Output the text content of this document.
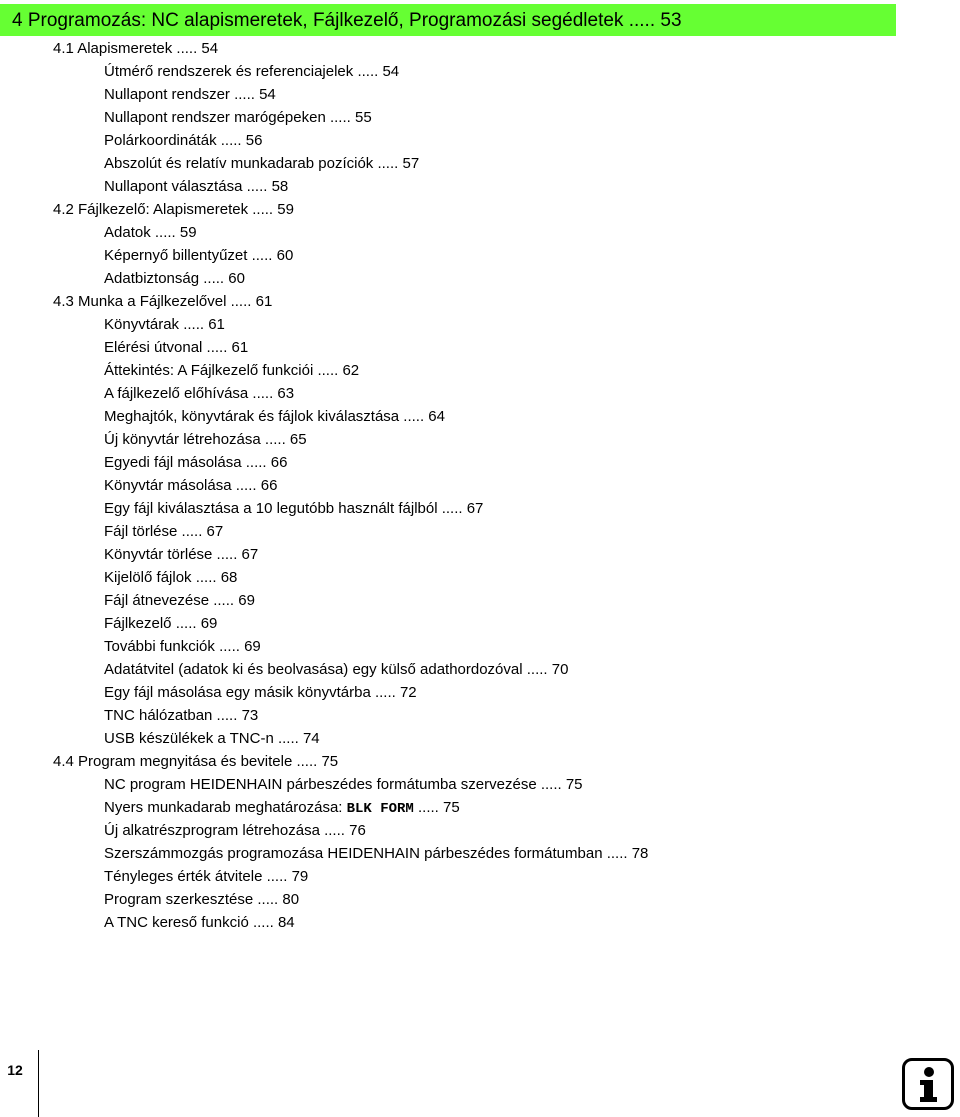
4 Programozás: NC alapismeretek, Fájlkezelő, Programozási segédletek ..... 53
4.1 Alapismeretek ..... 54
Útmérő rendszerek és referenciajelek ..... 54
Nullapont rendszer ..... 54
Nullapont rendszer marógépeken ..... 55
Polárkoordináták ..... 56
Abszolút és relatív munkadarab pozíciók ..... 57
Nullapont választása ..... 58
4.2 Fájlkezelő: Alapismeretek ..... 59
Adatok ..... 59
Képernyő billentyűzet ..... 60
Adatbiztonság ..... 60
4.3 Munka a Fájlkezelővel ..... 61
Könyvtárak ..... 61
Elérési útvonal ..... 61
Áttekintés: A Fájlkezelő funkciói ..... 62
A fájlkezelő előhívása ..... 63
Meghajtók, könyvtárak és fájlok kiválasztása ..... 64
Új könyvtár létrehozása ..... 65
Egyedi fájl másolása ..... 66
Könyvtár másolása ..... 66
Egy fájl kiválasztása a 10 legutóbb használt fájlból ..... 67
Fájl törlése ..... 67
Könyvtár törlése ..... 67
Kijelölő fájlok ..... 68
Fájl átnevezése ..... 69
Fájlkezelő ..... 69
További funkciók ..... 69
Adatátvitel (adatok ki és beolvasása) egy külső adathordozóval ..... 70
Egy fájl másolása egy másik könyvtárba ..... 72
TNC hálózatban ..... 73
USB készülékek a TNC-n ..... 74
4.4 Program megnyitása és bevitele ..... 75
NC program HEIDENHAIN párbeszédes formátumba szervezése ..... 75
Nyers munkadarab meghatározása: BLK FORM ..... 75
Új alkatrészprogram létrehozása ..... 76
Szerszámmozgás programozása HEIDENHAIN párbeszédes formátumban ..... 78
Tényleges érték átvitele ..... 79
Program szerkesztése ..... 80
A TNC kereső funkció ..... 84
12
